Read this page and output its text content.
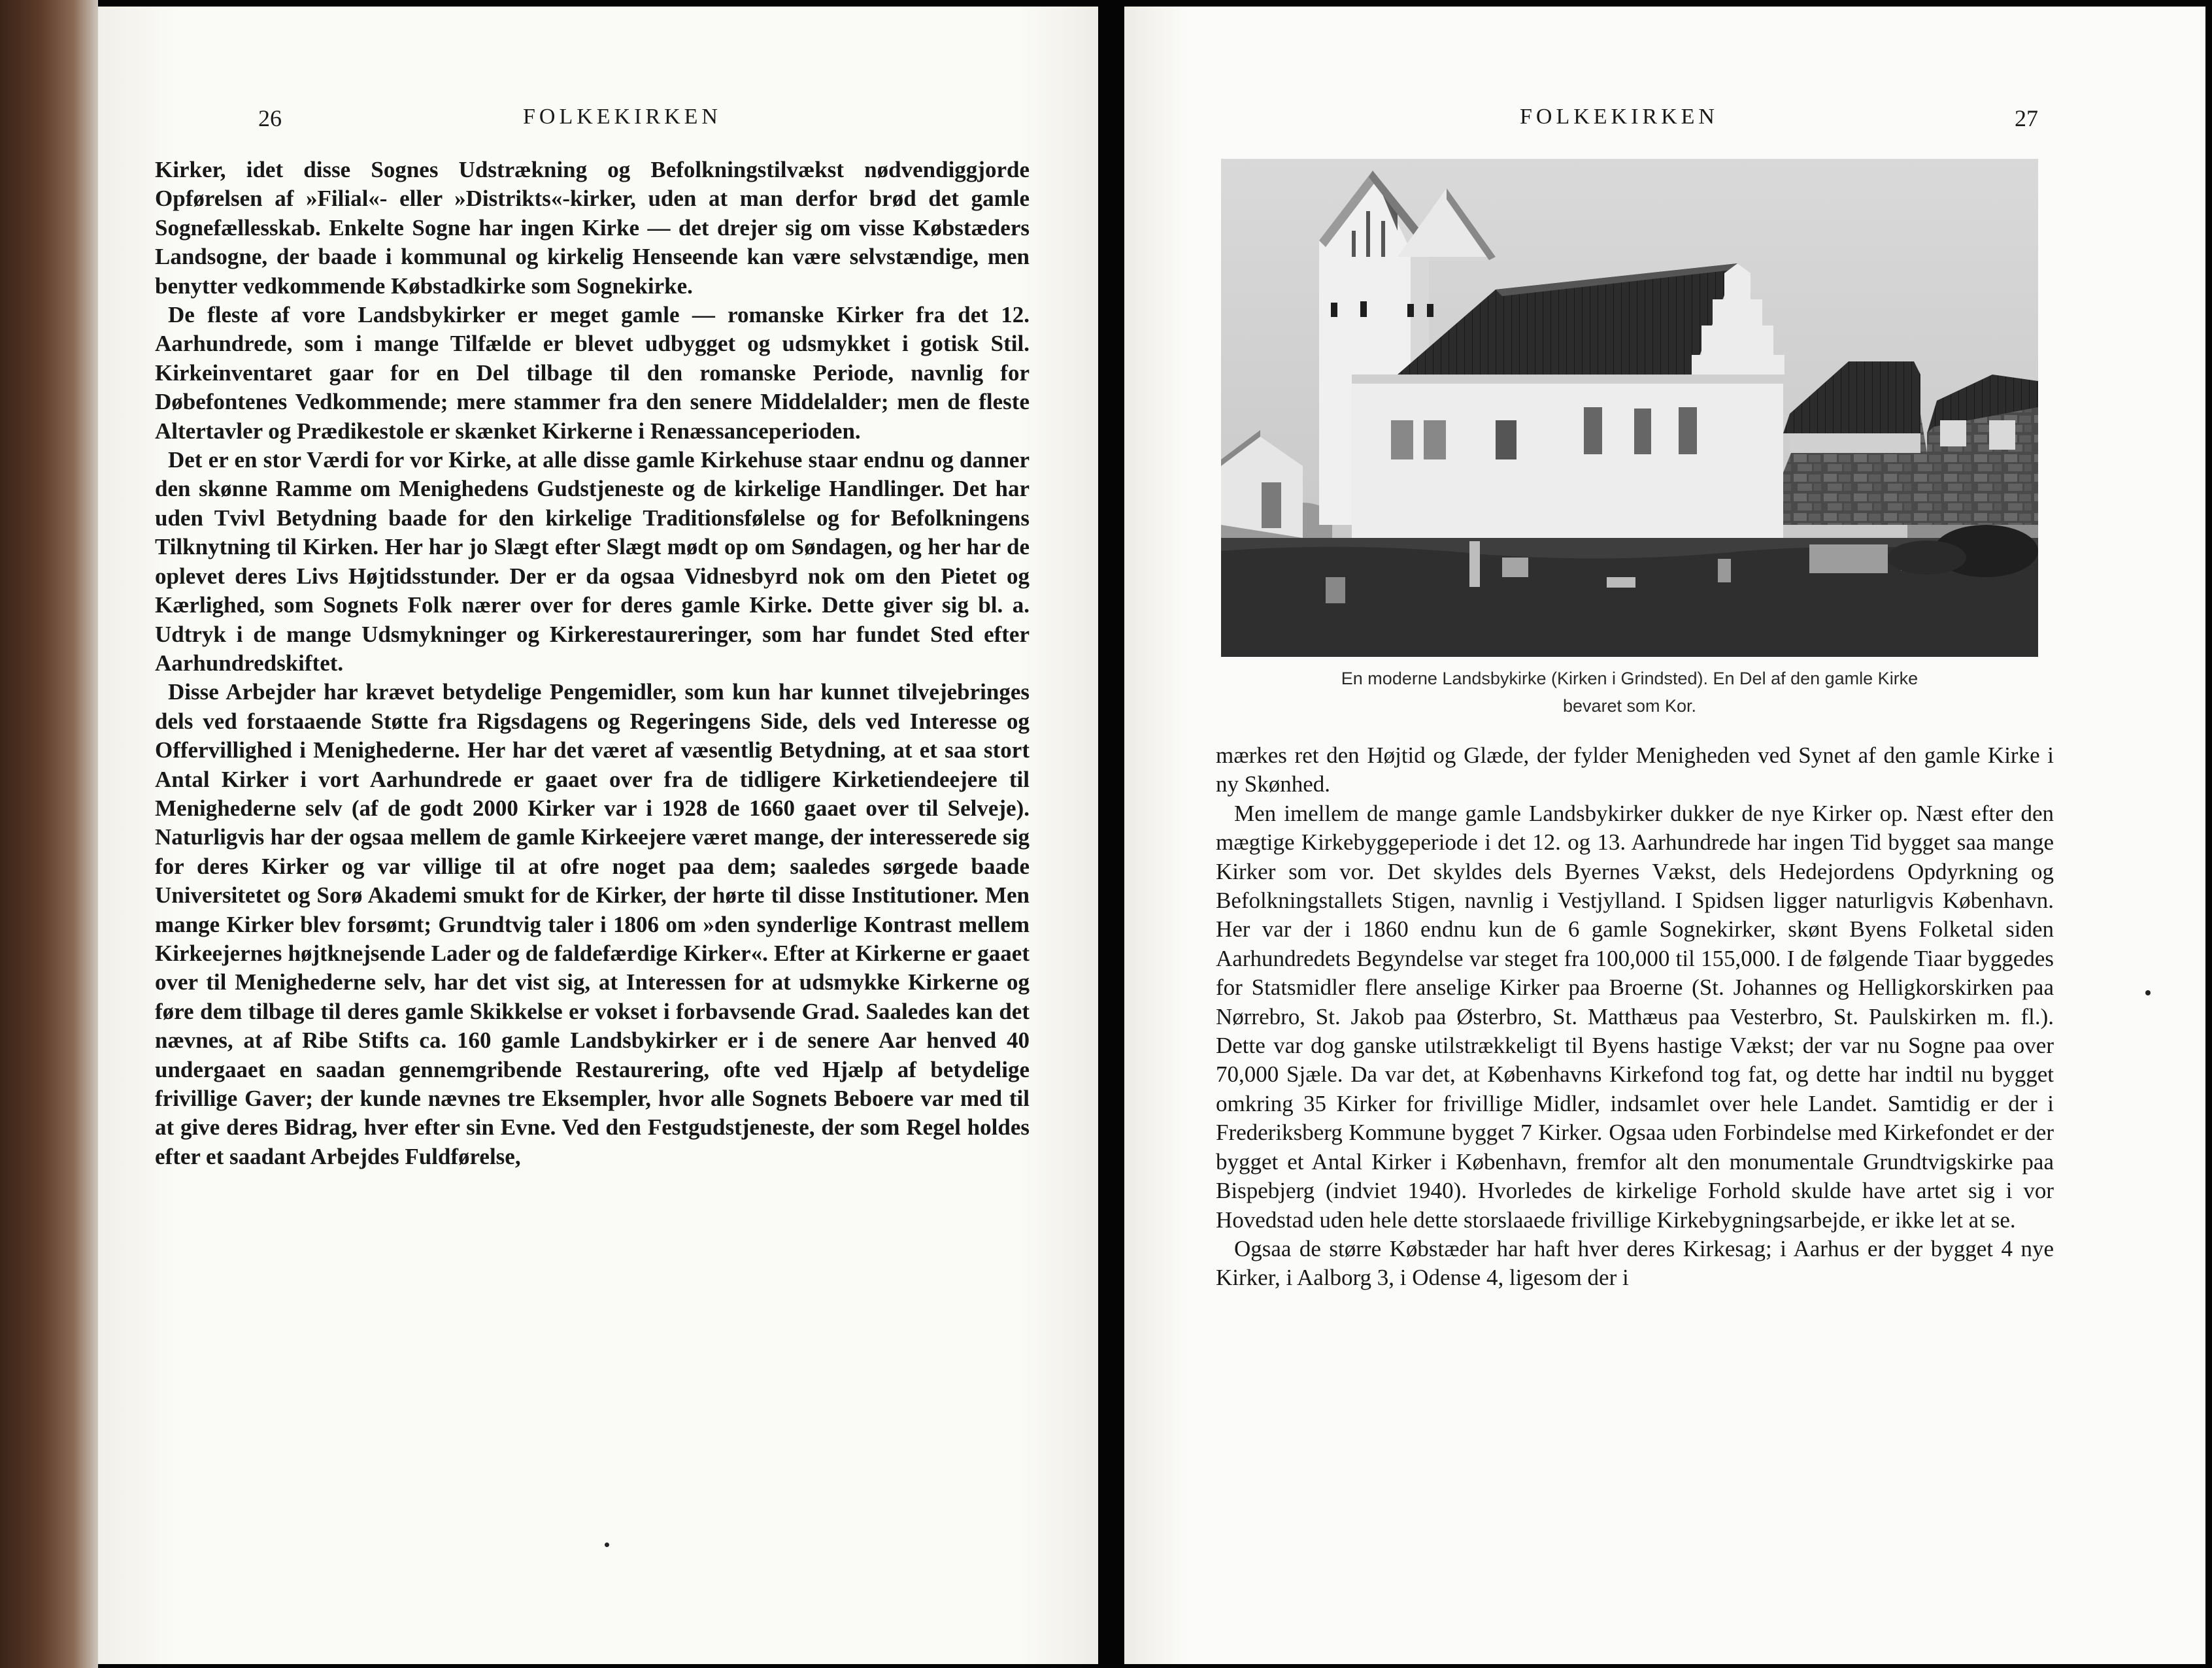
26	FOLKEKIRKEN

Kirker, idet disse Sognes Udstrækning og Befolkningstilvækst nødvendiggjorde Opførelsen af »Filial«- eller »Distrikts«-kirker, uden at man derfor brød det gamle Sognefællesskab. Enkelte Sogne har ingen Kirke — det drejer sig om visse Købstæders Landsogne, der baade i kommunal og kirkelig Henseende kan være selvstændige, men benytter vedkommende Købstadkirke som Sognekirke.

De fleste af vore Landsbykirker er meget gamle — romanske Kirker fra det 12. Aarhundrede, som i mange Tilfælde er blevet udbygget og udsmykket i gotisk Stil. Kirkeinventaret gaar for en Del tilbage til den romanske Periode, navnlig for Døbefontenes Vedkommende; mere stammer fra den senere Middelalder; men de fleste Altertavler og Prædikestole er skænket Kirkerne i Renæssanceperioden.

Det er en stor Værdi for vor Kirke, at alle disse gamle Kirkehuse staar endnu og danner den skønne Ramme om Menighedens Gudstjeneste og de kirkelige Handlinger. Det har uden Tvivl Betydning baade for den kirkelige Traditionsfølelse og for Befolkningens Tilknytning til Kirken. Her har jo Slægt efter Slægt mødt op om Søndagen, og her har de oplevet deres Livs Højtidsstunder. Der er da ogsaa Vidnesbyrd nok om den Pietet og Kærlighed, som Sognets Folk nærer over for deres gamle Kirke. Dette giver sig bl. a. Udtryk i de mange Udsmykninger og Kirkerestaureringer, som har fundet Sted efter Aarhundredskiftet.

Disse Arbejder har krævet betydelige Pengemidler, som kun har kunnet tilvejebringes dels ved forstaaende Støtte fra Rigsdagens og Regeringens Side, dels ved Interesse og Offervillighed i Menighederne. Her har det været af væsentlig Betydning, at et saa stort Antal Kirker i vort Aarhundrede er gaaet over fra de tidligere Kirketiendeejere til Menighederne selv (af de godt 2000 Kirker var i 1928 de 1660 gaaet over til Selveje). Naturligvis har der ogsaa mellem de gamle Kirkeejere været mange, der interesserede sig for deres Kirker og var villige til at ofre noget paa dem; saaledes sørgede baade Universitetet og Sorø Akademi smukt for de Kirker, der hørte til disse Institutioner. Men mange Kirker blev forsømt; Grundtvig taler i 1806 om »den synderlige Kontrast mellem Kirkeejernes højtknejsende Lader og de faldefærdige Kirker«. Efter at Kirkerne er gaaet over til Menighederne selv, har det vist sig, at Interessen for at udsmykke Kirkerne og føre dem tilbage til deres gamle Skikkelse er vokset i forbavsende Grad. Saaledes kan det nævnes, at af Ribe Stifts ca. 160 gamle Landsbykirker er i de senere Aar henved 40 undergaaet en saadan gennemgribende Restaurering, ofte ved Hjælp af betydelige frivillige Gaver; der kunde nævnes tre Eksempler, hvor alle Sognets Beboere var med til at give deres Bidrag, hver efter sin Evne. Ved den Festgudstjeneste, der som Regel holdes efter et saadant Arbejdes Fuldførelse,

FOLKEKIRKEN	27
En moderne Landsbykirke (Kirken i Grindsted). En Del af den gamle Kirke
bevaret som Kor.

mærkes ret den Højtid og Glæde, der fylder Menigheden ved Synet af den gamle Kirke i ny Skønhed.

Men imellem de mange gamle Landsbykirker dukker de nye Kirker op. Næst efter den mægtige Kirkebyggeperiode i det 12. og 13. Aarhundrede har ingen Tid bygget saa mange Kirker som vor. Det skyldes dels Byernes Vækst, dels Hedejordens Opdyrkning og Befolkningstallets Stigen, navnlig i Vestjylland. I Spidsen ligger naturligvis København. Her var der i 1860 endnu kun de 6 gamle Sognekirker, skønt Byens Folketal siden Aarhundredets Begyndelse var steget fra 100,000 til 155,000. I de følgende Tiaar byggedes for Statsmidler flere anselige Kirker paa Broerne (St. Johannes og Helligkorskirken paa Nørrebro, St. Jakob paa Østerbro, St. Matthæus paa Vesterbro, St. Paulskirken m. fl.). Dette var dog ganske utilstrækkeligt til Byens hastige Vækst; der var nu Sogne paa over 70,000 Sjæle. Da var det, at Københavns Kirkefond tog fat, og dette har indtil nu bygget omkring 35 Kirker for frivillige Midler, indsamlet over hele Landet. Samtidig er der i Frederiksberg Kommune bygget 7 Kirker. Ogsaa uden Forbindelse med Kirkefondet er der bygget et Antal Kirker i København, fremfor alt den monumentale Grundtvigskirke paa Bispebjerg (indviet 1940). Hvorledes de kirkelige Forhold skulde have artet sig i vor Hovedstad uden hele dette storslaaede frivillige Kirkebygningsarbejde, er ikke let at se.

Ogsaa de større Købstæder har haft hver deres Kirkesag; i Aarhus er der bygget 4 nye Kirker, i Aalborg 3, i Odense 4, ligesom der i
